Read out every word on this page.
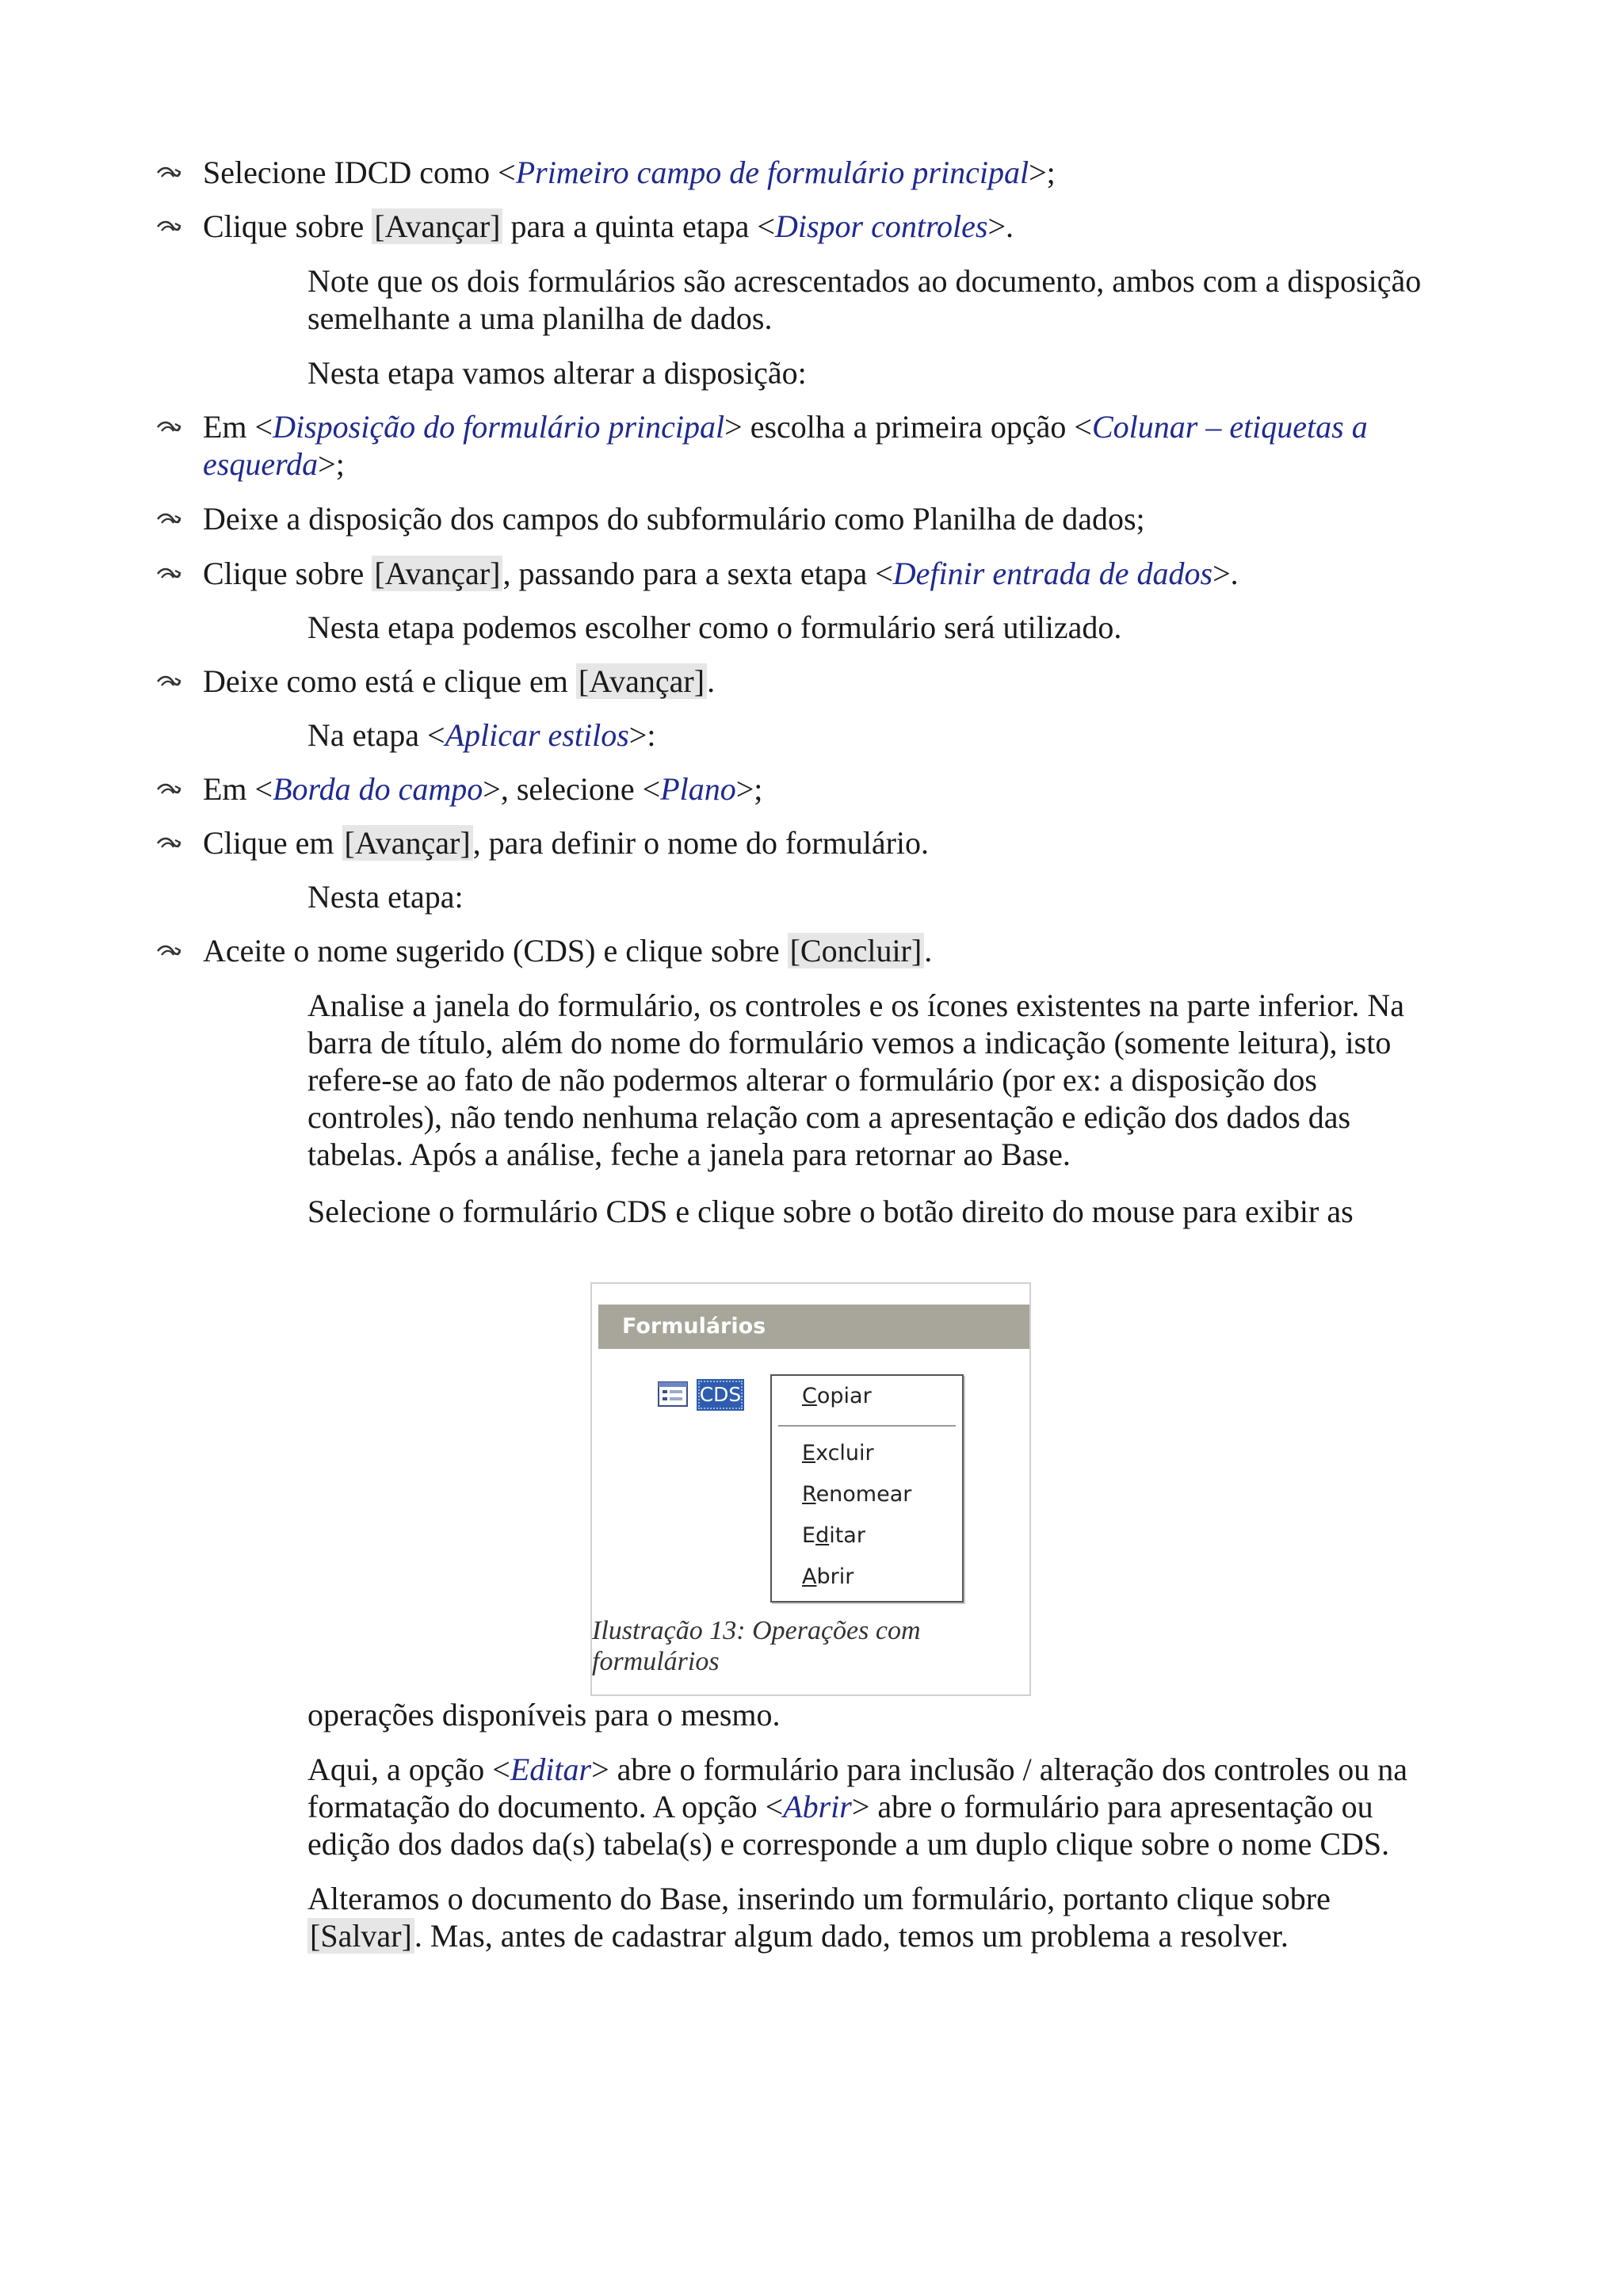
Selecione IDCD como <Primeiro campo de formulário principal>;
Clique sobre [Avançar] para a quinta etapa <Dispor controles>.

Note que os dois formulários são acrescentados ao documento, ambos com a disposição

semelhante a uma planilha de dados.

Nesta etapa vamos alterar a disposição:
Em <Disposição do formulário principal> escolha a primeira opção <Colunar – etiquetas a
esquerda>;
Deixe a disposição dos campos do subformulário como Planilha de dados;
Clique sobre [Avançar], passando para a sexta etapa <Definir entrada de dados>.
Nesta etapa podemos escolher como o formulário será utilizado.
Deixe como está e clique em [Avançar].
Na etapa <Aplicar estilos>:
Em <Borda do campo>, selecione <Plano>;
Clique em [Avançar], para definir o nome do formulário.
Nesta etapa:
Aceite o nome sugerido (CDS) e clique sobre [Concluir].

Analise a janela do formulário, os controles e os ícones existentes na parte inferior. Na

barra de título, além do nome do formulário vemos a indicação (somente leitura), isto

refere-se ao fato de não podermos alterar o formulário (por ex: a disposição dos

controles), não tendo nenhuma relação com a apresentação e edição dos dados das

tabelas. Após a análise, feche a janela para retornar ao Base.

Selecione o formulário CDS e clique sobre o botão direito do mouse para exibir as
Formulários
CDS	Copiar
Excluir
Renomear
Editar
Abrir
Ilustração 13: Operações com
formulários
operações disponíveis para o mesmo.

Aqui, a opção <Editar> abre o formulário para inclusão / alteração dos controles ou na

formatação do documento. A opção <Abrir> abre o formulário para apresentação ou

edição dos dados da(s) tabela(s) e corresponde a um duplo clique sobre o nome CDS.

Alteramos o documento do Base, inserindo um formulário, portanto clique sobre

[Salvar]. Mas, antes de cadastrar algum dado, temos um problema a resolver.
